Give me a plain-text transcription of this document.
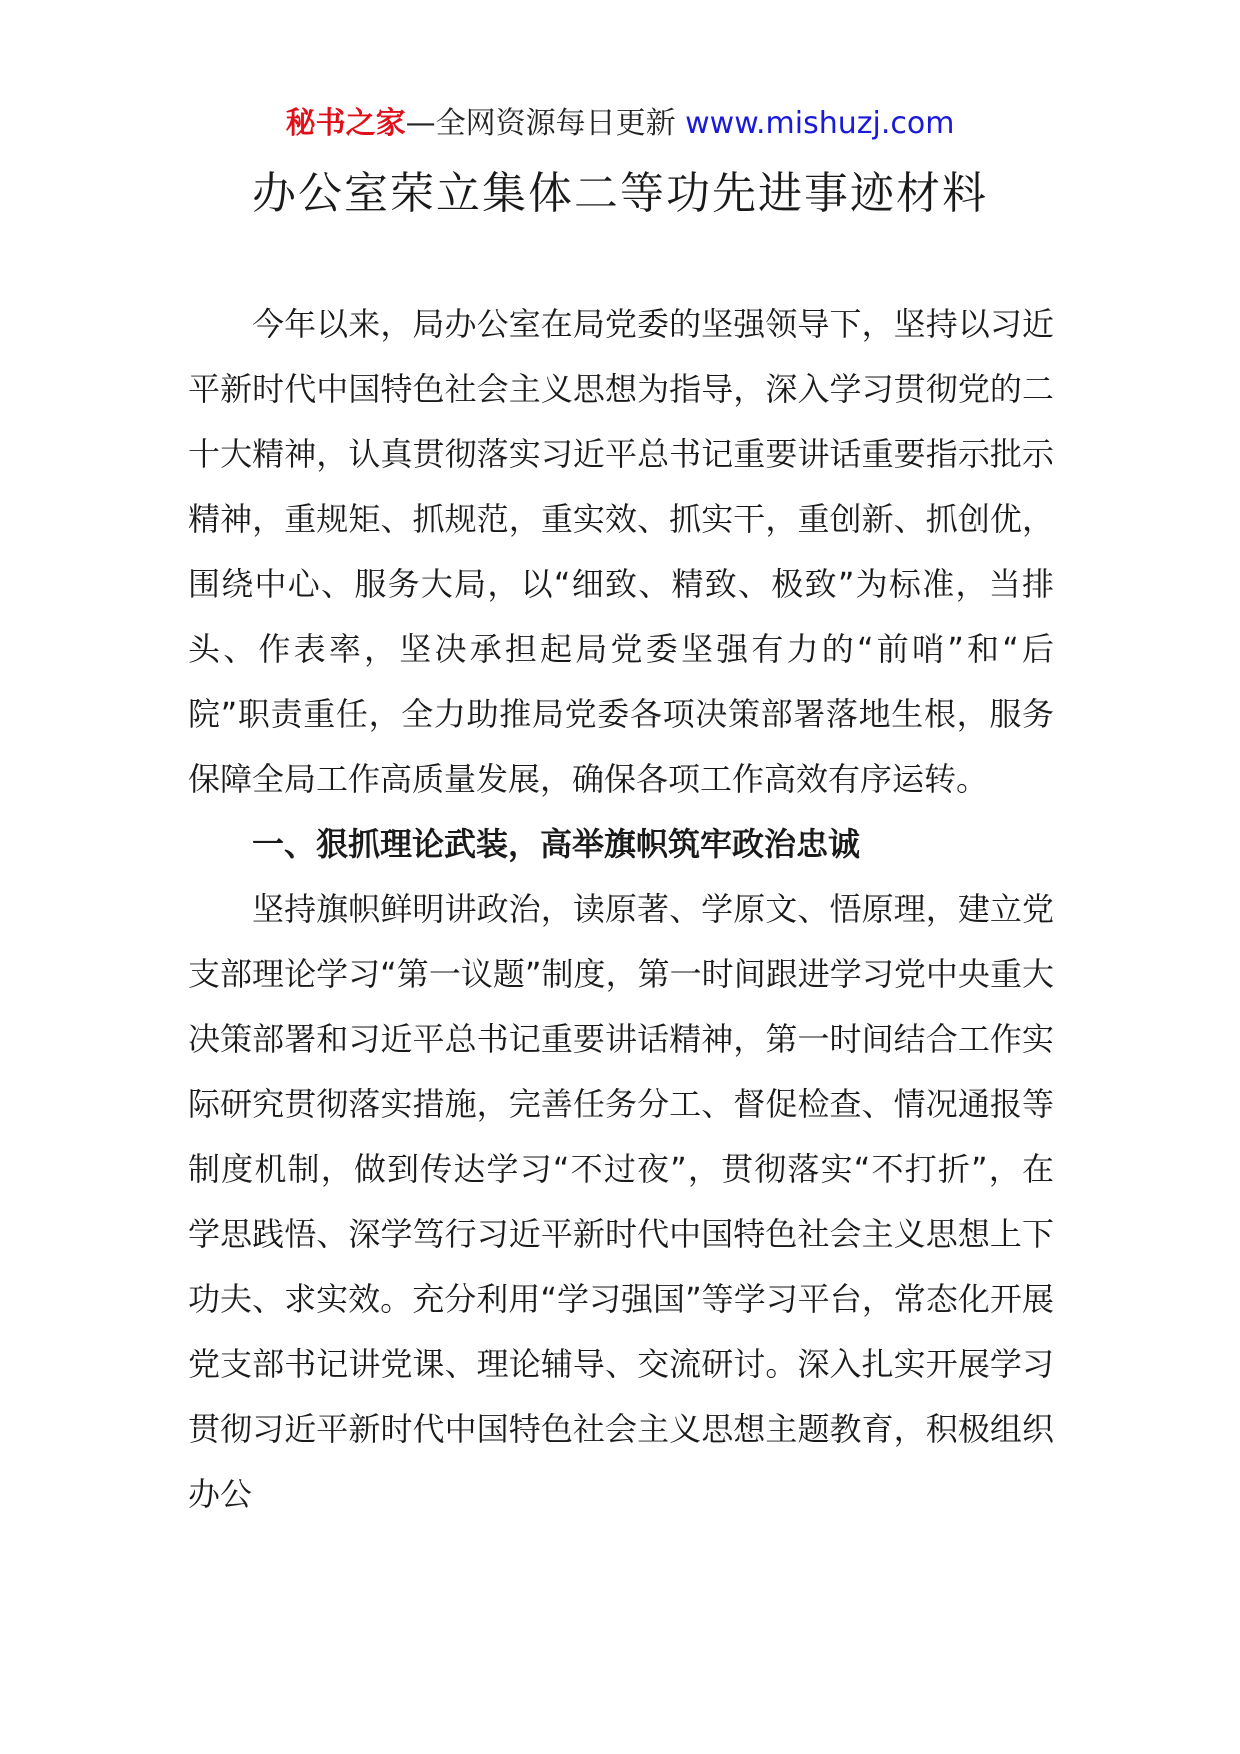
秘书之家—全网资源每日更新 www.mishuzj.com
办公室荣立集体二等功先进事迹材料

今年以来，局办公室在局党委的坚强领导下，坚持以习近平新时代中国特色社会主义思想为指导，深入学习贯彻党的二十大精神，认真贯彻落实习近平总书记重要讲话重要指示批示精神，重规矩、抓规范，重实效、抓实干，重创新、抓创优，围绕中心、服务大局，以“细致、精致、极致”为标准，当排头、作表率，坚决承担起局党委坚强有力的“前哨”和“后院”职责重任，全力助推局党委各项决策部署落地生根，服务保障全局工作高质量发展，确保各项工作高效有序运转。

一、狠抓理论武装，高举旗帜筑牢政治忠诚

坚持旗帜鲜明讲政治，读原著、学原文、悟原理，建立党支部理论学习“第一议题”制度，第一时间跟进学习党中央重大决策部署和习近平总书记重要讲话精神，第一时间结合工作实际研究贯彻落实措施，完善任务分工、督促检查、情况通报等制度机制，做到传达学习“不过夜”，贯彻落实“不打折”，在学思践悟、深学笃行习近平新时代中国特色社会主义思想上下功夫、求实效。充分利用“学习强国”等学习平台，常态化开展党支部书记讲党课、理论辅导、交流研讨。深入扎实开展学习贯彻习近平新时代中国特色社会主义思想主题教育，积极组织办公
